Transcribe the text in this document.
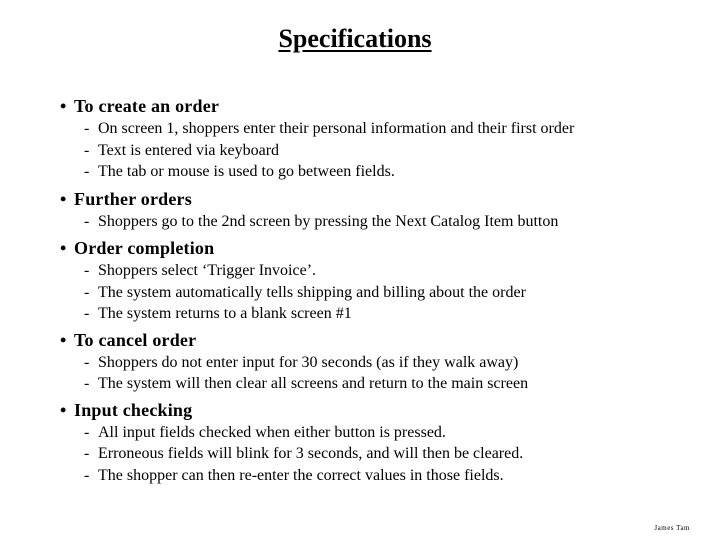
Specifications
• To create an order
- On screen 1, shoppers enter their personal information and their first order
- Text is entered via keyboard
- The tab or mouse is used to go between fields.
• Further orders
- Shoppers go to the 2nd screen by pressing the Next Catalog Item button
• Order completion
- Shoppers select ‘Trigger Invoice’.
- The system automatically tells shipping and billing about the order
- The system returns to a blank screen #1
• To cancel order
- Shoppers do not enter input for 30 seconds (as if they walk away)
- The system will then clear all screens and return to the main screen
• Input checking
- All input fields checked when either button is pressed.
- Erroneous fields will blink for 3 seconds, and will then be cleared.
- The shopper can then re-enter the correct values in those fields.
James Tam
